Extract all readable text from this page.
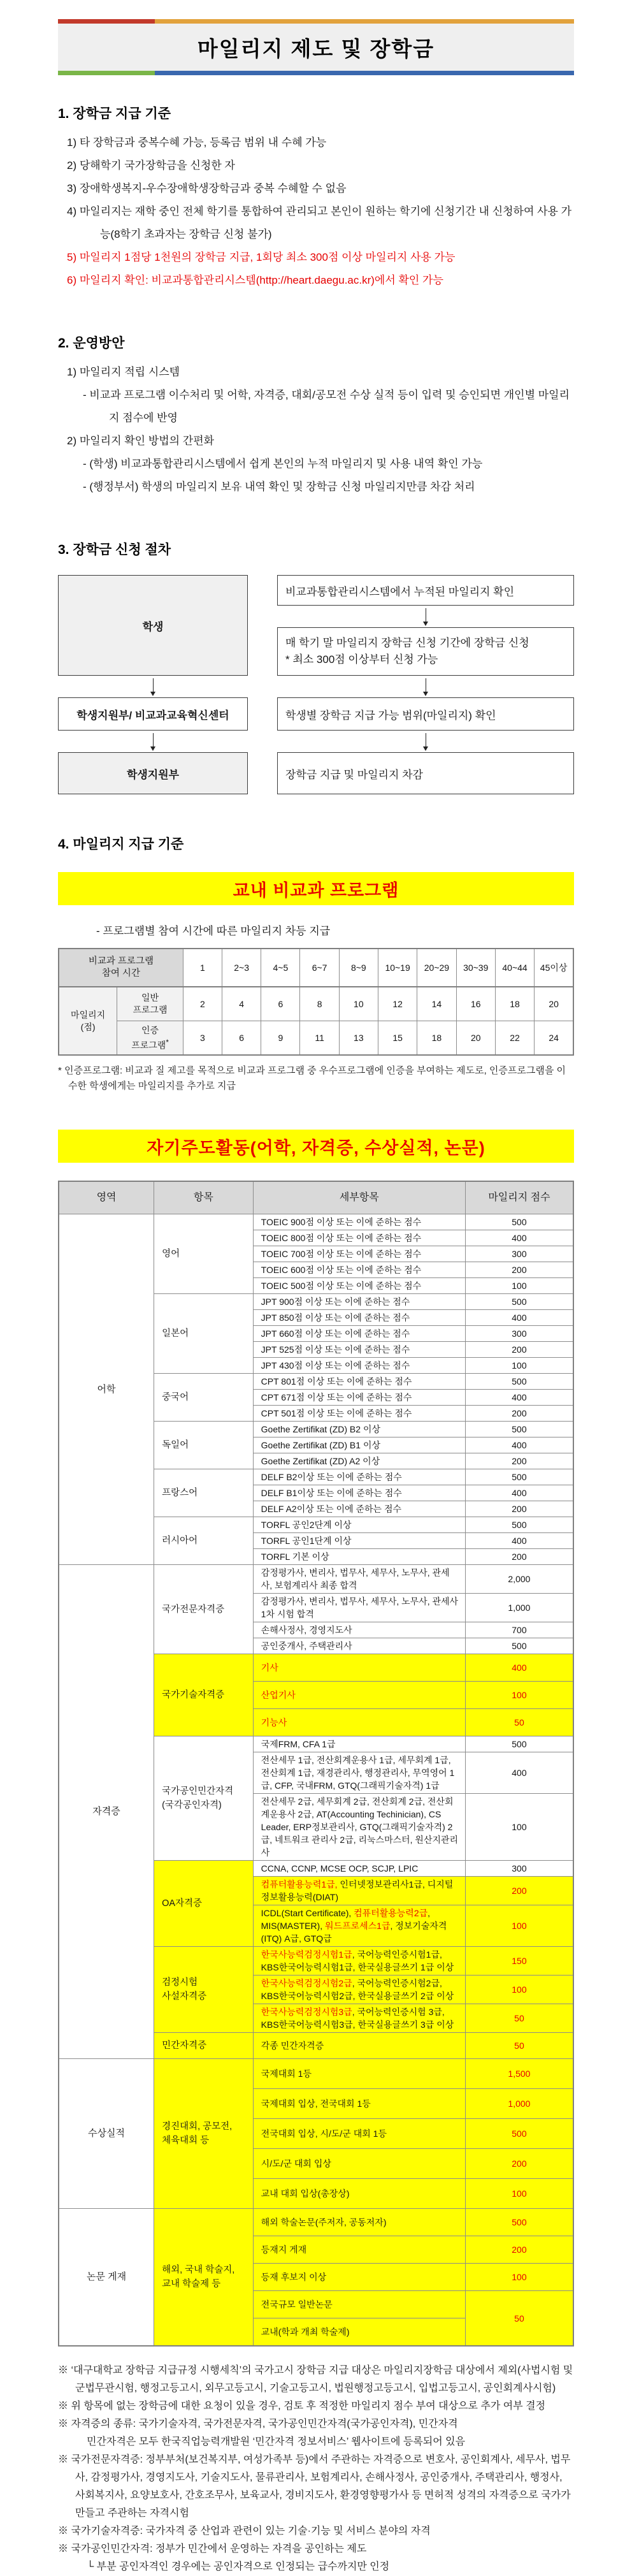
마일리지 제도 및 장학금
1. 장학금 지급 기준
1) 타 장학금과 중복수혜 가능, 등록금 범위 내 수혜 가능
2) 당해학기 국가장학금을 신청한 자
3) 장애학생복지-우수장애학생장학금과 중복 수혜할 수 없음
4) 마일리지는 재학 중인 전체 학기를 통합하여 관리되고 본인이 원하는 학기에 신청기간 내 신청하여 사용 가능(8학기 초과자는 장학금 신청 불가)
5) 마일리지 1점당 1천원의 장학금 지급, 1회당 최소 300점 이상 마일리지 사용 가능
6) 마일리지 확인: 비교과통합관리시스템(http://heart.daegu.ac.kr)에서 확인 가능
2. 운영방안
1) 마일리지 적립 시스템
- 비교과 프로그램 이수처리 및 어학, 자격증, 대회/공모전 수상 실적 등이 입력 및 승인되면 개인별 마일리지 점수에 반영
2) 마일리지 확인 방법의 간편화
- (학생) 비교과통합관리시스템에서 쉽게 본인의 누적 마일리지 및 사용 내역 확인 가능
- (행정부서) 학생의 마일리지 보유 내역 확인 및 장학금 신청 마일리지만큼 차감 처리
3. 장학금 신청 절차
학생
학생지원부/ 비교과교육혁신센터
학생지원부
비교과통합관리시스템에서 누적된 마일리지 확인
매 학기 말 마일리지 장학금 신청 기간에 장학금 신청
* 최소 300점 이상부터 신청 가능
학생별 장학금 지급 가능 범위(마일리지) 확인
장학금 지급 및 마일리지 차감
4. 마일리지 지급 기준
교내 비교과 프로그램
- 프로그램별 참여 시간에 따른 마일리지 차등 지급
비교과 프로그램
참여 시간		1	2~3	4~5	6~7	8~9	10~19	20~29	30~39	40~44	45이상
마일리지
(점)	일반
프로그램	2	4	6	8	10	12	14	16	18	20
	인증
프로그램*	3	6	9	11	13	15	18	20	22	24
* 인증프로그램: 비교과 질 제고를 목적으로 비교과 프로그램 중 우수프로그램에 인증을 부여하는 제도로, 인증프로그램을 이수한 학생에게는 마일리지를 추가로 지급
자기주도활동(어학, 자격증, 수상실적, 논문)
영역	항목	세부항목	마일리지 점수
어학	영어	TOEIC 900점 이상 또는 이에 준하는 점수	500
		TOEIC 800점 이상 또는 이에 준하는 점수	400
		TOEIC 700점 이상 또는 이에 준하는 점수	300
		TOEIC 600점 이상 또는 이에 준하는 점수	200
		TOEIC 500점 이상 또는 이에 준하는 점수	100
	일본어	JPT 900점 이상 또는 이에 준하는 점수	500
		JPT 850점 이상 또는 이에 준하는 점수	400
		JPT 660점 이상 또는 이에 준하는 점수	300
		JPT 525점 이상 또는 이에 준하는 점수	200
		JPT 430점 이상 또는 이에 준하는 점수	100
	중국어	CPT 801점 이상 또는 이에 준하는 점수	500
		CPT 671점 이상 또는 이에 준하는 점수	400
		CPT 501점 이상 또는 이에 준하는 점수	200
	독일어	Goethe Zertifikat (ZD) B2 이상	500
		Goethe Zertifikat (ZD) B1 이상	400
		Goethe Zertifikat (ZD) A2 이상	200
	프랑스어	DELF B2이상 또는 이에 준하는 점수	500
		DELF B1이상 또는 이에 준하는 점수	400
		DELF A2이상 또는 이에 준하는 점수	200
	러시아어	TORFL 공인2단계 이상	500
		TORFL 공인1단계 이상	400
		TORFL 기본 이상	200
자격증	국가전문자격증	감정평가사, 변리사, 법무사, 세무사, 노무사, 관세사, 보험계리사 최종 합격	2,000
		감정평가사, 변리사, 법무사, 세무사, 노무사, 관세사 1차 시험 합격	1,000
		손해사정사, 경영지도사	700
		공인중개사, 주택관리사	500
	국가기술자격증	기사	400
		산업기사	100
		기능사	50
	국가공인민간자격
(국각공인자격)	국제FRM, CFA 1급	500
		전산세무 1급, 전산회계운용사 1급, 세무회계 1급, 전산회계 1급, 재경관리사, 행정관리사, 무역영어 1급, CFP, 국내FRM, GTQ(그래픽기술자격) 1급	400
		전산세무 2급, 세무회계 2급, 전산회계 2급, 전산회계운용사 2급, AT(Accounting Techinician), CS Leader, ERP정보관리사, GTQ(그래픽기술자격) 2급, 네트워크 관리사 2급, 리눅스마스터, 원산지관리사	100
	OA자격증	CCNA, CCNP, MCSE OCP, SCJP, LPIC	300
		컴퓨터활용능력1급, 인터넷정보관리사1급, 디지털정보활용능력(DIAT)	200
		ICDL(Start Certificate), 컴퓨터활용능력2급, MIS(MASTER), 워드프로세스1급, 정보기술자격(ITQ) A급, GTQ급	100
	검정시험
사설자격증	한국사능력검정시험1급, 국어능력인증시험1급, KBS한국어능력시험1급, 한국실용글쓰기 1급 이상	150
		한국사능력검정시험2급, 국어능력인증시험2급, KBS한국어능력시험2급, 한국실용글쓰기 2급 이상	100
		한국사능력검정시험3급, 국어능력인증시험 3급, KBS한국어능력시험3급, 한국실용글쓰기 3급 이상	50
	민간자격증	각종 민간자격증	50
수상실적	경진대회, 공모전,
체육대회 등	국제대회 1등	1,500
		국제대회 입상, 전국대회 1등	1,000
		전국대회 입상, 시/도/군 대회 1등	500
		시/도/군 대회 입상	200
		교내 대회 입상(총장상)	100
논문 게재	해외, 국내 학술지,
교내 학술제 등	해외 학술논문(주저자, 공동저자)	500
		등재지 게재	200
		등재 후보지 이상	100
		전국규모 일반논문	50
		교내(학과 개최 학술제)	
※ ‘대구대학교 장학금 지급규정 시행세칙’의 국가고시 장학금 지급 대상은 마일리지장학금 대상에서 제외(사법시험 및 군법무관시험, 행정고등고시, 외무고등고시, 기술고등고시, 법원행정고등고시, 입법고등고시, 공인회계사시험)
※ 위 항목에 없는 장학금에 대한 요청이 있을 경우, 검토 후 적정한 마일리지 점수 부여 대상으로 추가 여부 결정
※ 자격증의 종류: 국가기술자격, 국가전문자격, 국가공인민간자격(국가공인자격), 민간자격
민간자격은 모두 한국직업능력개발원 ‘민간자격 정보서비스’ 웹사이트에 등록되어 있음
※ 국가전문자격증: 정부부처(보건복지부, 여성가족부 등)에서 주관하는 자격증으로 변호사, 공인회계사, 세무사, 법무사, 감정평가사, 경영지도사, 기술지도사, 물류관리사, 보험계리사, 손해사정사, 공인중개사, 주택관리사, 행정사, 사회복지사, 요양보호사, 간호조무사, 보육교사, 경비지도사, 환경영향평가사 등 면허적 성격의 자격증으로 국가가 만들고 주관하는 자격시험
※ 국가기술자격증: 국가자격 중 산업과 관련이 있는 기술·기능 및 서비스 분야의 자격
※ 국가공인민간자격: 정부가 민간에서 운영하는 자격을 공인하는 제도
└ 부분 공인자격인 경우에는 공인자격으로 인정되는 급수까지만 인정
